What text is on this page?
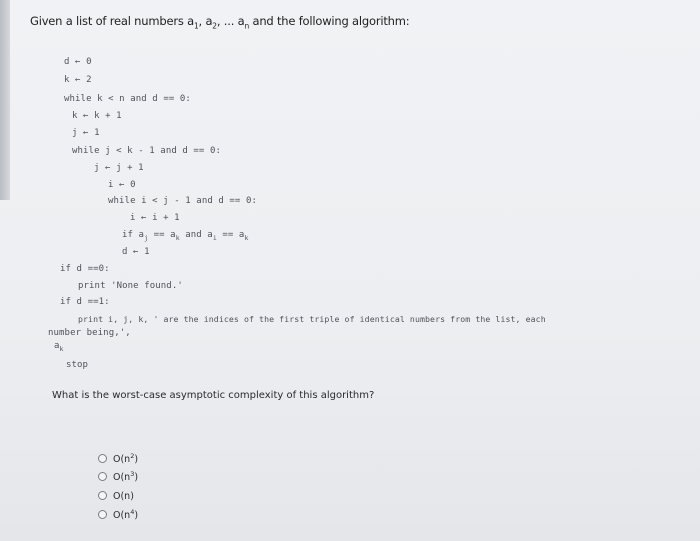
Given a list of real numbers $a_1$, $a_2$, ... $a_n$ and the following algorithm:
d ← 0
k ← 2
while k < n and d == 0:
k ← k + 1
j ← 1
while j < k - 1 and d == 0:
j ← j + 1
i ← 0
while i < j - 1 and d == 0:
i ← i + 1
if $a_j == a_k$ and $a_i == a_k$
d ← 1
if d ==0:
print 'None found.'
if d ==1:
print i, j, k, ' are the indices of the first triple of identical numbers from the list, each
number being,',
$a_k$
stop
What is the worst-case asymptotic complexity of this algorithm?
$O(n^2)$
$O(n^3)$
O(n)
$O(n^4)$
